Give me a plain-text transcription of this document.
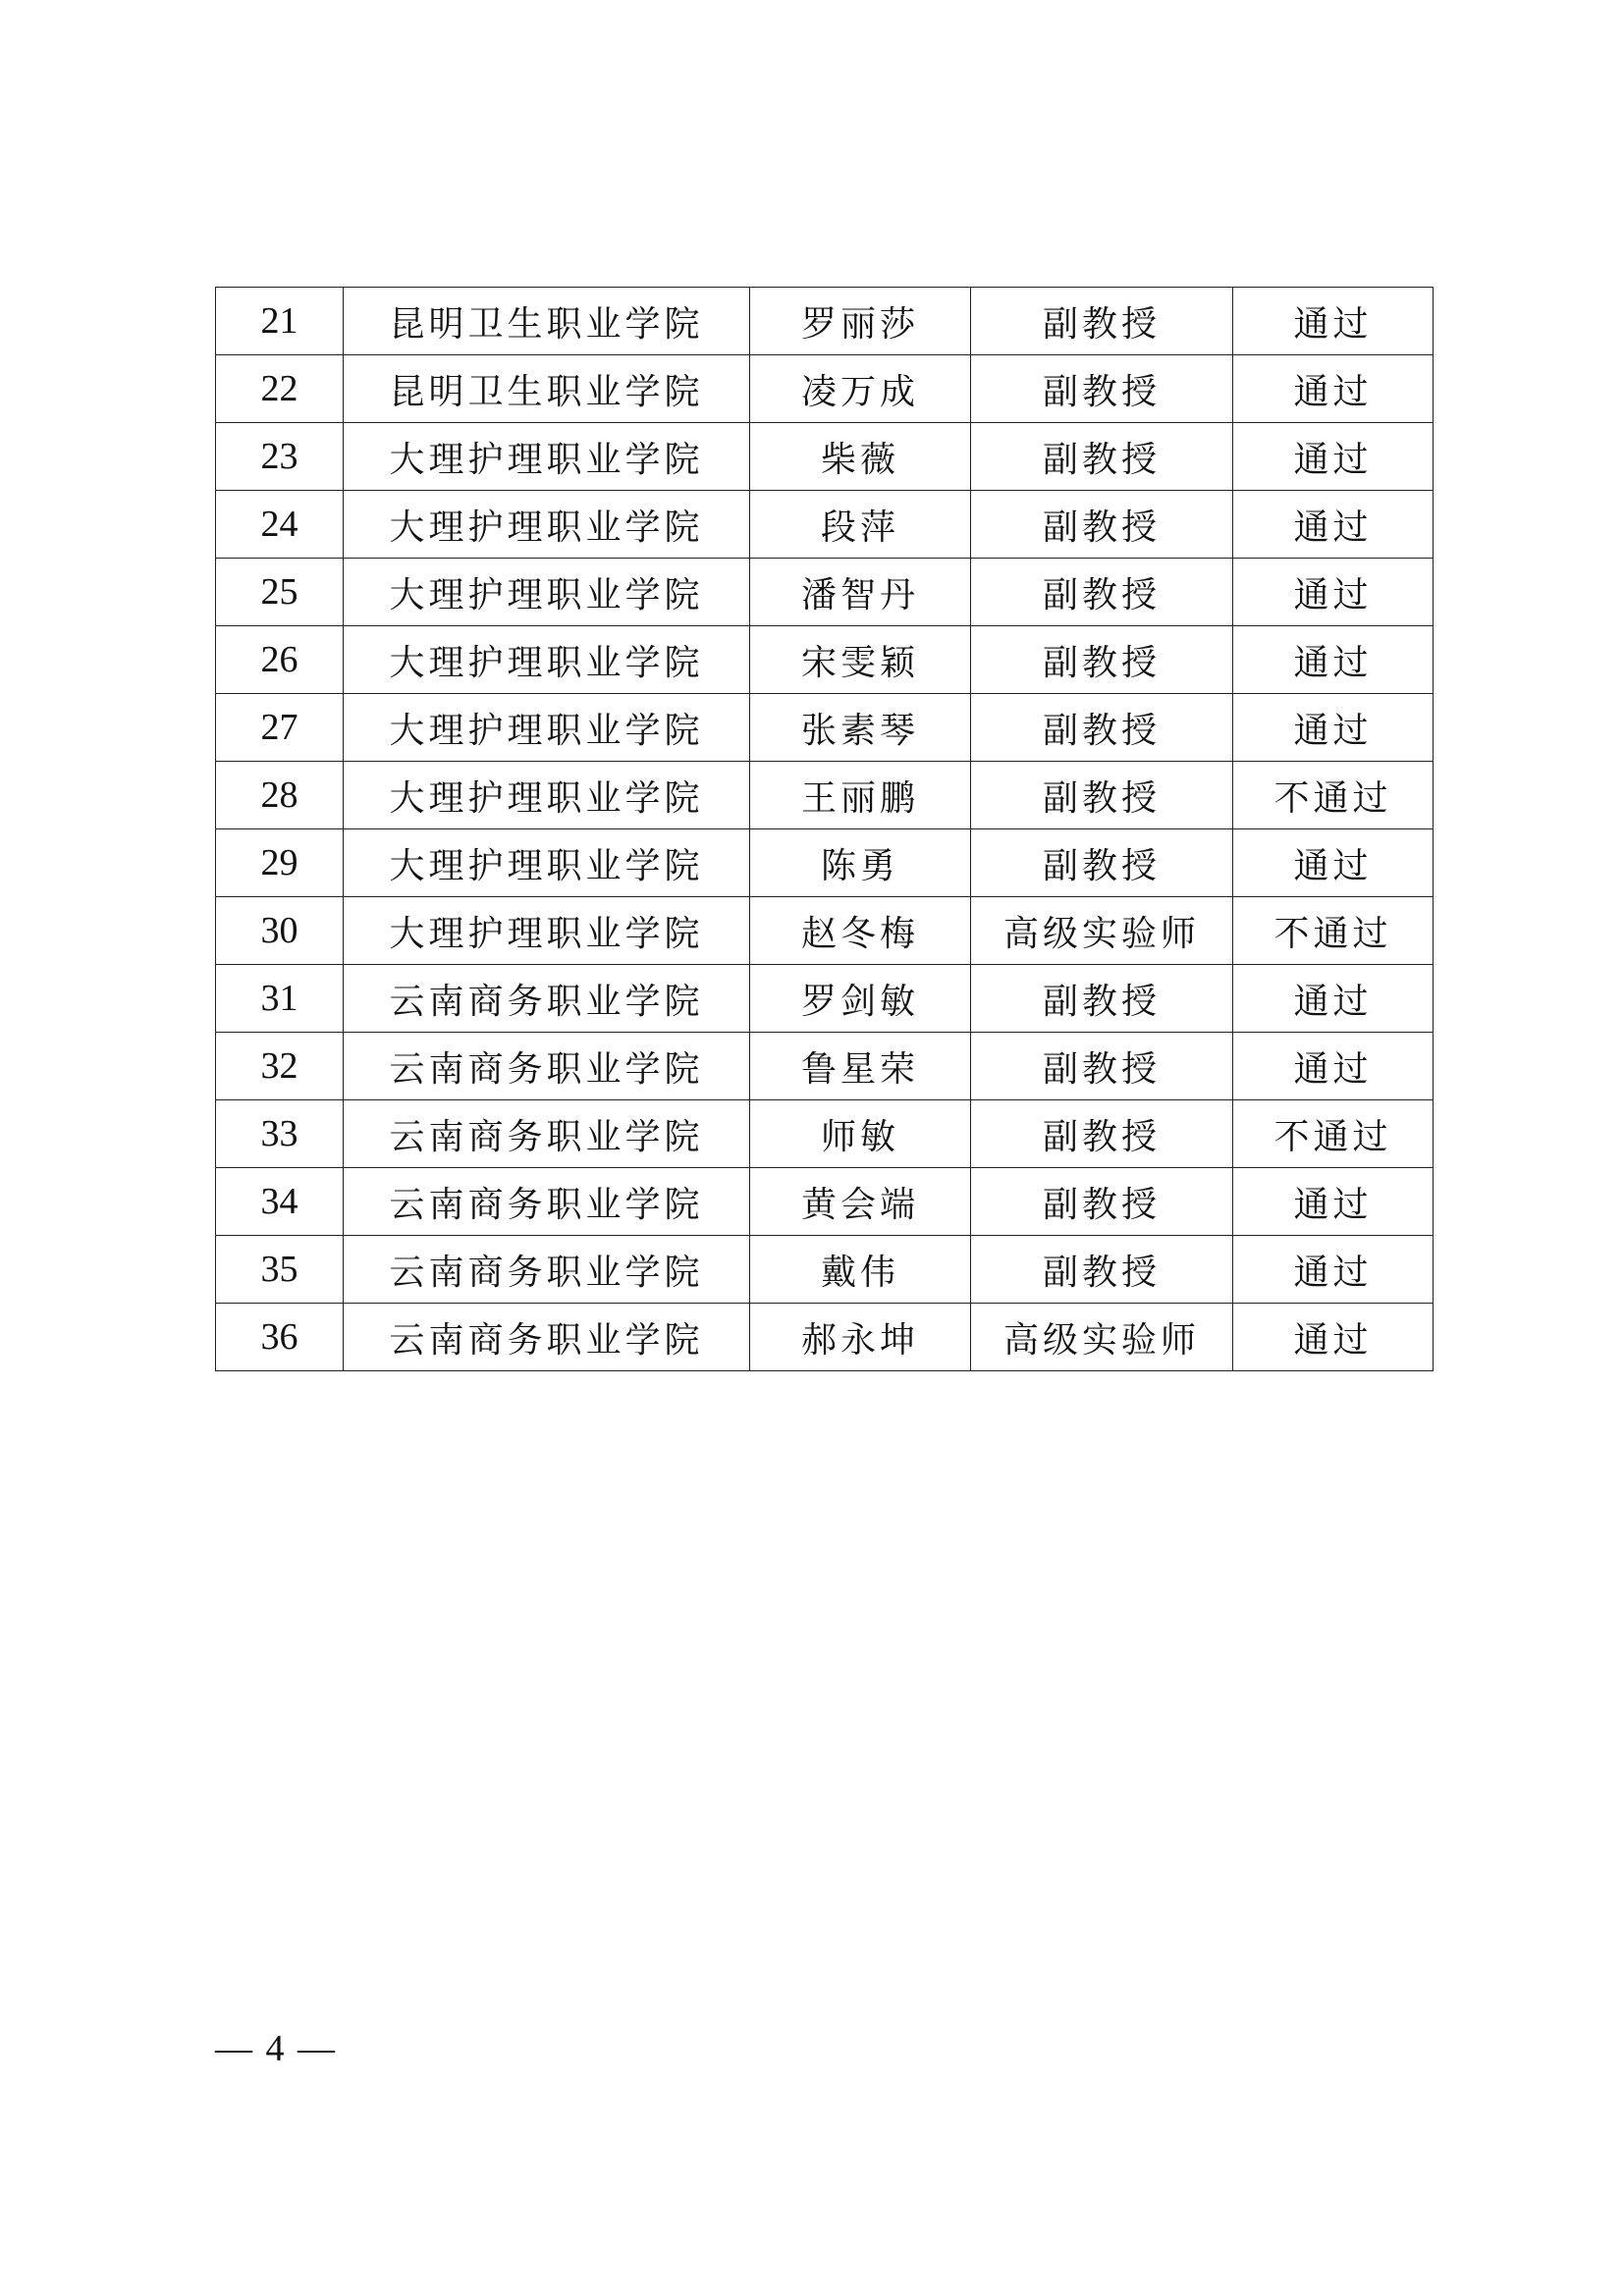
21	昆明卫生职业学院	罗丽莎	副教授	通过
22	昆明卫生职业学院	凌万成	副教授	通过
23	大理护理职业学院	柴薇	副教授	通过
24	大理护理职业学院	段萍	副教授	通过
25	大理护理职业学院	潘智丹	副教授	通过
26	大理护理职业学院	宋雯颖	副教授	通过
27	大理护理职业学院	张素琴	副教授	通过
28	大理护理职业学院	王丽鹏	副教授	不通过
29	大理护理职业学院	陈勇	副教授	通过
30	大理护理职业学院	赵冬梅	高级实验师	不通过
31	云南商务职业学院	罗剑敏	副教授	通过
32	云南商务职业学院	鲁星荣	副教授	通过
33	云南商务职业学院	师敏	副教授	不通过
34	云南商务职业学院	黄会端	副教授	通过
35	云南商务职业学院	戴伟	副教授	通过
36	云南商务职业学院	郝永坤	高级实验师	通过
— 4 —
